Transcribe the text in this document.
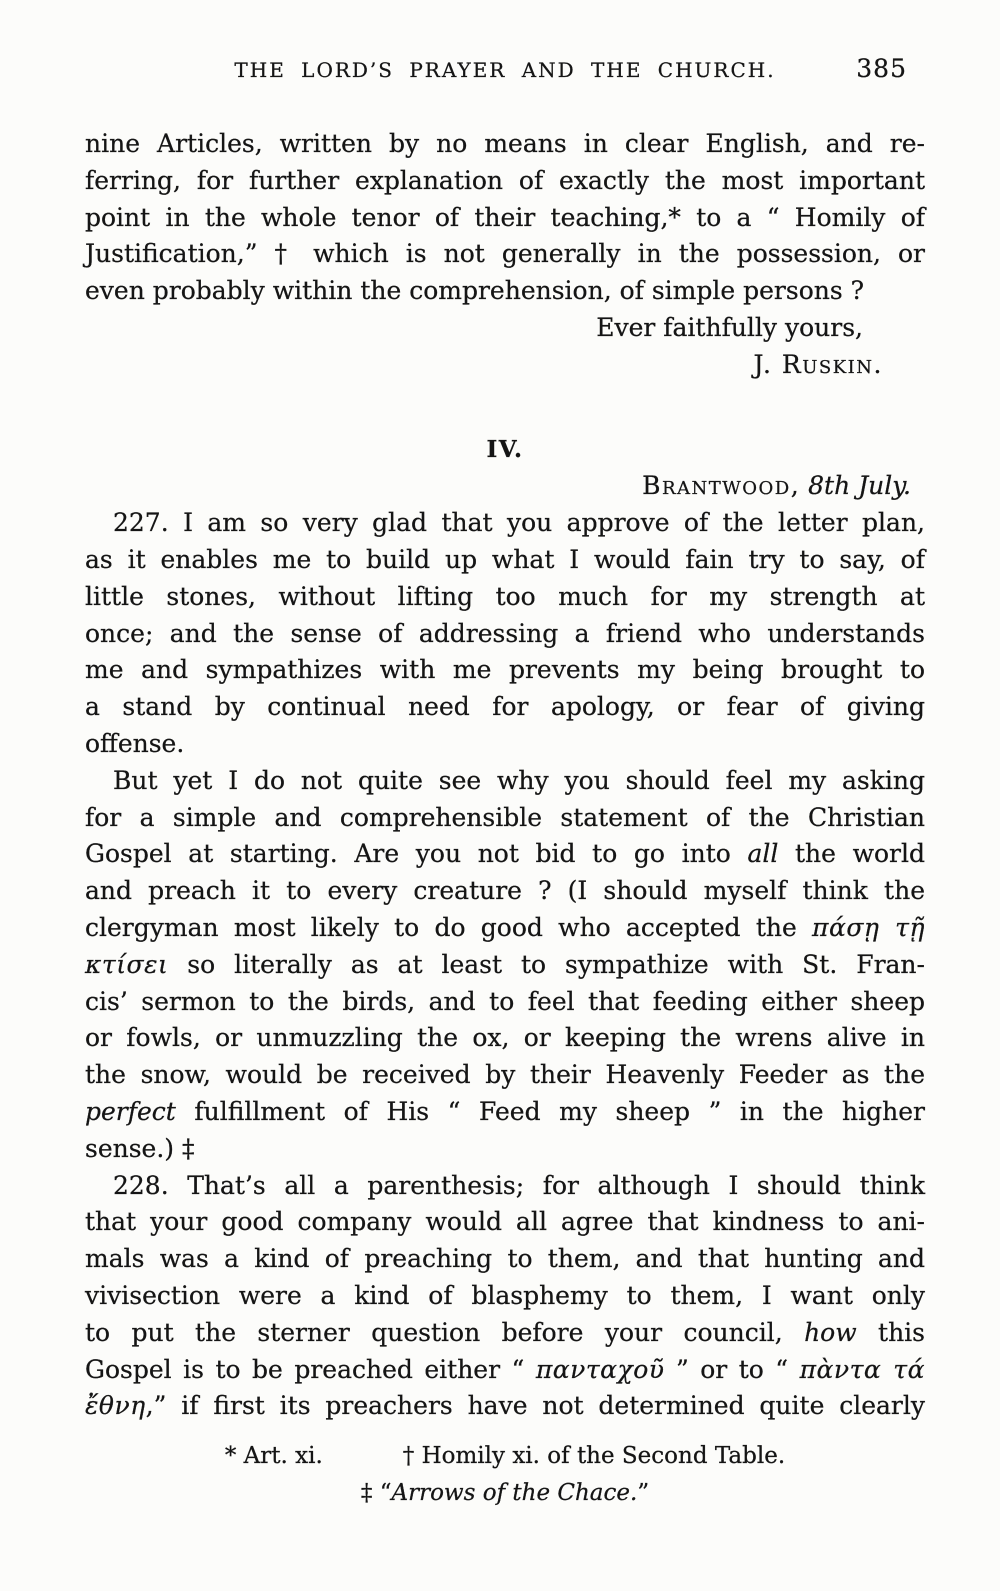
THE LORD’S PRAYER AND THE CHURCH.	385
nine Articles, written by no means in clear English, and re-
ferring, for further explanation of exactly the most important
point in the whole tenor of their teaching,* to a “ Homily of
Justification,” † which is not generally in the possession, or
even probably within the comprehension, of simple persons ?
Ever faithfully yours,
J. Ruskin.
IV.
Brantwood, 8th July.
227. I am so very glad that you approve of the letter plan,
as it enables me to build up what I would fain try to say, of
little stones, without lifting too much for my strength at
once; and the sense of addressing a friend who understands
me and sympathizes with me prevents my being brought to
a stand by continual need for apology, or fear of giving
offense.
But yet I do not quite see why you should feel my asking
for a simple and comprehensible statement of the Christian
Gospel at starting. Are you not bid to go into all the world
and preach it to every creature ? (I should myself think the
clergyman most likely to do good who accepted the πάσῃ τῇ
κτίσει so literally as at least to sympathize with St. Fran-
cis’ sermon to the birds, and to feel that feeding either sheep
or fowls, or unmuzzling the ox, or keeping the wrens alive in
the snow, would be received by their Heavenly Feeder as the
perfect fulfillment of His “ Feed my sheep ” in the higher
sense.) ‡
228. That’s all a parenthesis; for although I should think
that your good company would all agree that kindness to ani-
mals was a kind of preaching to them, and that hunting and
vivisection were a kind of blasphemy to them, I want only
to put the sterner question before your council, how this
Gospel is to be preached either “ πανταχοῦ ” or to “ πὰντα τά
ἔθνη,” if first its preachers have not determined quite clearly
* Art. xi.	† Homily xi. of the Second Table.
‡ “Arrows of the Chace.”
